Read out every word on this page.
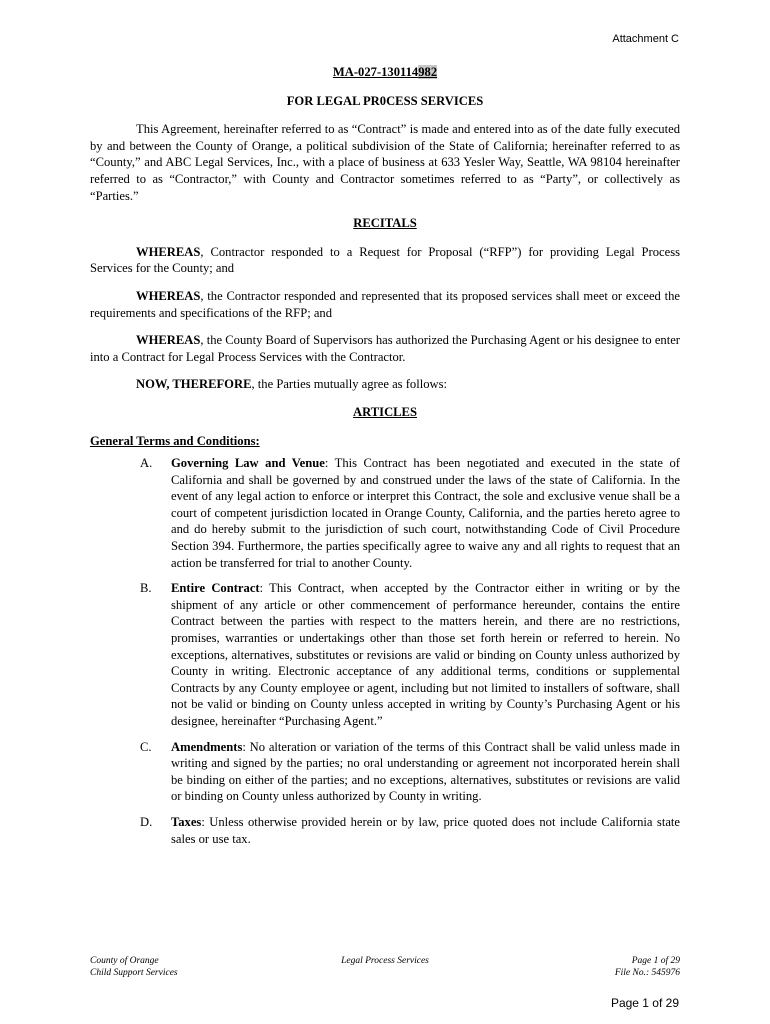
Attachment C

MA-027-130114982

FOR LEGAL PR0CESS SERVICES

This Agreement, hereinafter referred to as “Contract” is made and entered into as of the date fully executed by and between the County of Orange, a political subdivision of the State of California; hereinafter referred to as “County,” and ABC Legal Services, Inc., with a place of business at 633 Yesler Way, Seattle, WA 98104 hereinafter referred to as “Contractor,” with County and Contractor sometimes referred to as “Party”, or collectively as “Parties.”

RECITALS

WHEREAS, Contractor responded to a Request for Proposal (“RFP”) for providing Legal Process Services for the County; and

WHEREAS, the Contractor responded and represented that its proposed services shall meet or exceed the requirements and specifications of the RFP; and

WHEREAS, the County Board of Supervisors has authorized the Purchasing Agent or his designee to enter into a Contract for Legal Process Services with the Contractor.

NOW, THEREFORE, the Parties mutually agree as follows:

ARTICLES

General Terms and Conditions:

A.	Governing Law and Venue: This Contract has been negotiated and executed in the state of California and shall be governed by and construed under the laws of the state of California. In the event of any legal action to enforce or interpret this Contract, the sole and exclusive venue shall be a court of competent jurisdiction located in Orange County, California, and the parties hereto agree to and do hereby submit to the jurisdiction of such court, notwithstanding Code of Civil Procedure Section 394. Furthermore, the parties specifically agree to waive any and all rights to request that an action be transferred for trial to another County.
B.	Entire Contract: This Contract, when accepted by the Contractor either in writing or by the shipment of any article or other commencement of performance hereunder, contains the entire Contract between the parties with respect to the matters herein, and there are no restrictions, promises, warranties or undertakings other than those set forth herein or referred to herein. No exceptions, alternatives, substitutes or revisions are valid or binding on County unless authorized by County in writing. Electronic acceptance of any additional terms, conditions or supplemental Contracts by any County employee or agent, including but not limited to installers of software, shall not be valid or binding on County unless accepted in writing by County’s Purchasing Agent or his designee, hereinafter “Purchasing Agent.”
C.	Amendments: No alteration or variation of the terms of this Contract shall be valid unless made in writing and signed by the parties; no oral understanding or agreement not incorporated herein shall be binding on either of the parties; and no exceptions, alternatives, substitutes or revisions are valid or binding on County unless authorized by County in writing.
D.	Taxes: Unless otherwise provided herein or by law, price quoted does not include California state sales or use tax.
County of Orange
Child Support Services
Legal Process Services	Page 1 of 29
File No.: 545976
Page 1 of 29
